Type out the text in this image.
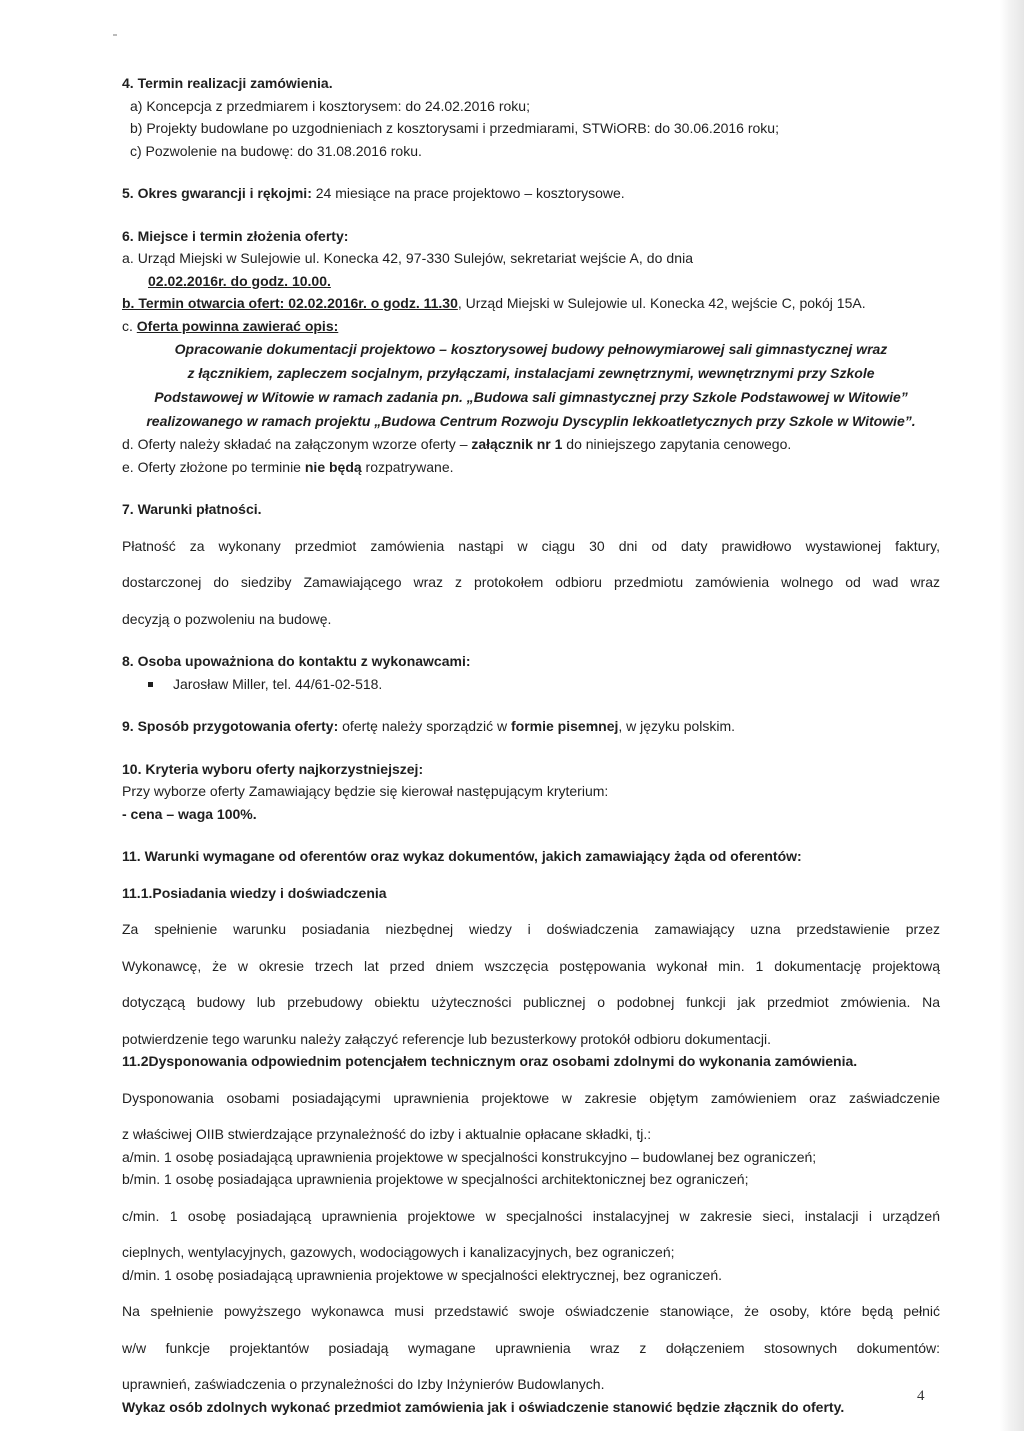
4. Termin realizacji zamówienia.

a) Koncepcja z przedmiarem i kosztorysem: do 24.02.2016 roku;

b) Projekty budowlane po uzgodnieniach z kosztorysami i przedmiarami, STWiORB: do 30.06.2016 roku;

c) Pozwolenie na budowę: do 31.08.2016 roku.

5. Okres gwarancji i rękojmi: 24 miesiące na prace projektowo – kosztorysowe.

6. Miejsce i termin złożenia oferty:

a. Urząd Miejski w Sulejowie ul. Konecka 42, 97-330 Sulejów, sekretariat wejście A, do dnia

02.02.2016r. do godz. 10.00.

b. Termin otwarcia ofert: 02.02.2016r. o godz. 11.30, Urząd Miejski w Sulejowie ul. Konecka 42, wejście C, pokój 15A.

c. Oferta powinna zawierać opis:

Opracowanie dokumentacji projektowo – kosztorysowej budowy pełnowymiarowej sali gimnastycznej wraz

z łącznikiem, zapleczem socjalnym, przyłączami, instalacjami zewnętrznymi, wewnętrznymi przy Szkole

Podstawowej w Witowie w ramach zadania pn. „Budowa sali gimnastycznej przy Szkole Podstawowej w Witowie”

realizowanego w ramach projektu „Budowa Centrum Rozwoju Dyscyplin lekkoatletycznych przy Szkole w Witowie”.

d. Oferty należy składać na załączonym wzorze oferty – załącznik nr 1 do niniejszego zapytania cenowego.

e. Oferty złożone po terminie nie będą rozpatrywane.

7. Warunki płatności.

Płatność za wykonany przedmiot zamówienia nastąpi w ciągu 30 dni od daty prawidłowo wystawionej faktury,

dostarczonej do siedziby Zamawiającego wraz z protokołem odbioru przedmiotu zamówienia wolnego od wad wraz

decyzją o pozwoleniu na budowę.

8. Osoba upoważniona do kontaktu z wykonawcami:

Jarosław Miller, tel. 44/61-02-518.

9. Sposób przygotowania oferty: ofertę należy sporządzić w formie pisemnej, w języku polskim.

10. Kryteria wyboru oferty najkorzystniejszej:

Przy wyborze oferty Zamawiający będzie się kierował następującym kryterium:

- cena – waga 100%.

11. Warunki wymagane od oferentów oraz wykaz dokumentów, jakich zamawiający żąda od oferentów:

11.1.Posiadania wiedzy i doświadczenia

Za spełnienie warunku posiadania niezbędnej wiedzy i doświadczenia zamawiający uzna przedstawienie przez

Wykonawcę, że w okresie trzech lat przed dniem wszczęcia postępowania wykonał min. 1 dokumentację projektową

dotyczącą budowy lub przebudowy obiektu użyteczności publicznej o podobnej funkcji jak przedmiot zmówienia. Na

potwierdzenie tego warunku należy załączyć referencje lub bezusterkowy protokół odbioru dokumentacji.

11.2Dysponowania odpowiednim potencjałem technicznym oraz osobami zdolnymi do wykonania zamówienia.

Dysponowania osobami posiadającymi uprawnienia projektowe w zakresie objętym zamówieniem oraz zaświadczenie

z właściwej OIIB stwierdzające przynależność do izby i aktualnie opłacane składki, tj.:

a/min. 1 osobę posiadającą uprawnienia projektowe w specjalności konstrukcyjno – budowlanej bez ograniczeń;

b/min. 1 osobę posiadająca uprawnienia projektowe w specjalności architektonicznej bez ograniczeń;

c/min. 1 osobę posiadającą uprawnienia projektowe w specjalności instalacyjnej w zakresie sieci, instalacji i urządzeń

cieplnych, wentylacyjnych, gazowych, wodociągowych i kanalizacyjnych, bez ograniczeń;

d/min. 1 osobę posiadającą uprawnienia projektowe w specjalności elektrycznej, bez ograniczeń.

Na spełnienie powyższego wykonawca musi przedstawić swoje oświadczenie stanowiące, że osoby, które będą pełnić

w/w funkcje projektantów posiadają wymagane uprawnienia wraz z dołączeniem stosownych dokumentów:

uprawnień, zaświadczenia o przynależności do Izby Inżynierów Budowlanych.

Wykaz osób zdolnych wykonać przedmiot zamówienia jak i oświadczenie stanowić będzie złącznik do oferty.

4
